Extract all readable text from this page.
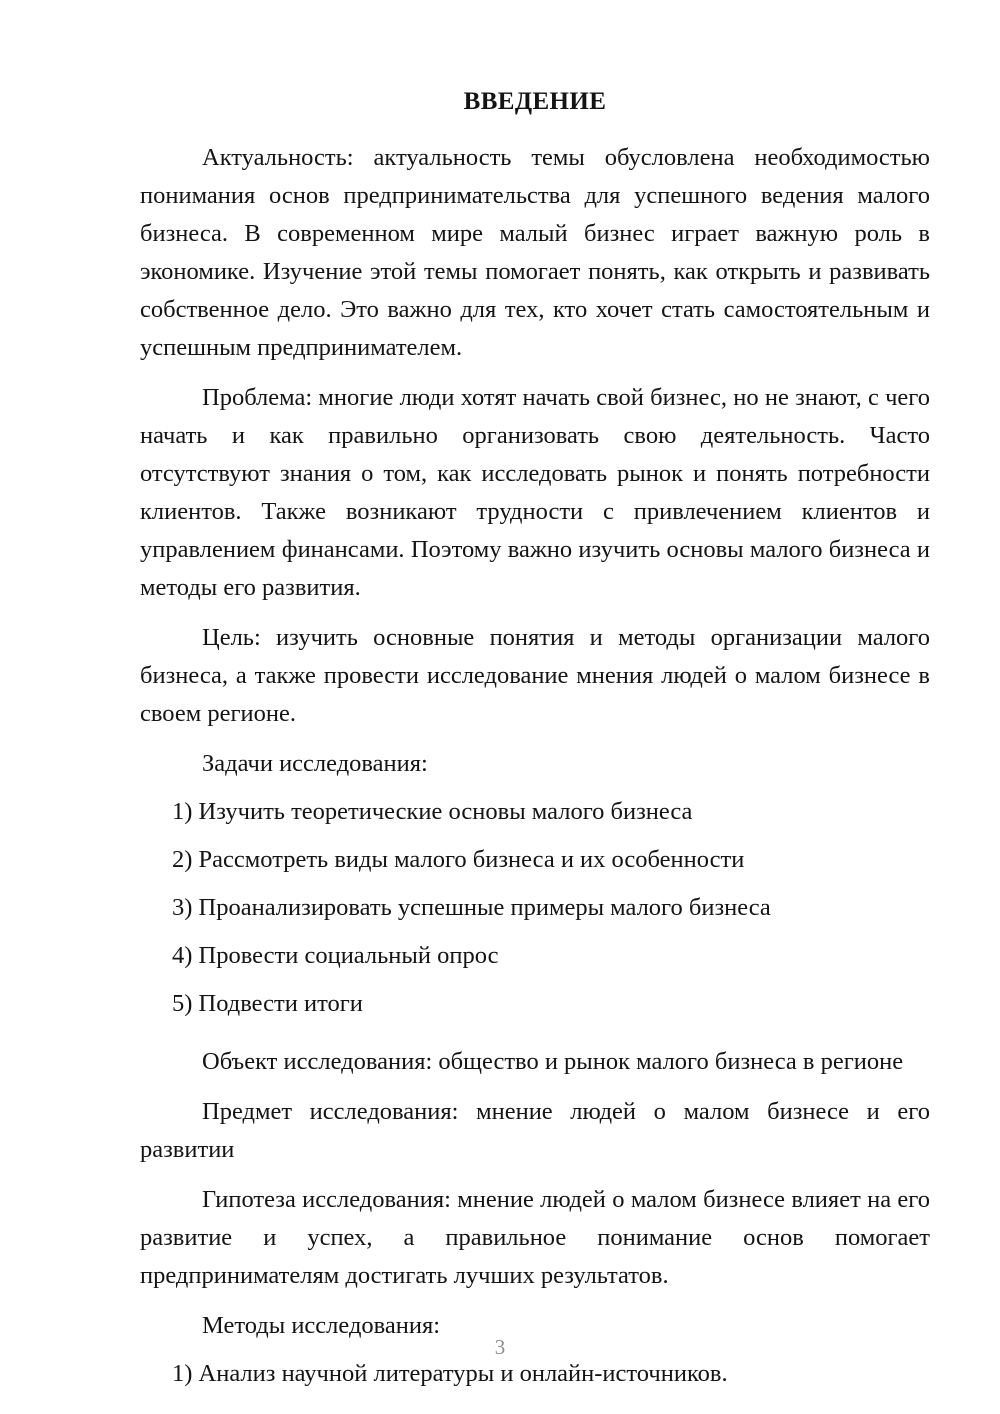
ВВЕДЕНИЕ

Актуальность: актуальность темы обусловлена необходимостью понимания основ предпринимательства для успешного ведения малого бизнеса. В современном мире малый бизнес играет важную роль в экономике. Изучение этой темы помогает понять, как открыть и развивать собственное дело. Это важно для тех, кто хочет стать самостоятельным и успешным предпринимателем.

Проблема: многие люди хотят начать свой бизнес, но не знают, с чего начать и как правильно организовать свою деятельность. Часто отсутствуют знания о том, как исследовать рынок и понять потребности клиентов. Также возникают трудности с привлечением клиентов и управлением финансами. Поэтому важно изучить основы малого бизнеса и методы его развития.

Цель: изучить основные понятия и методы организации малого бизнеса, а также провести исследование мнения людей о малом бизнесе в своем регионе.

Задачи исследования:

1) Изучить теоретические основы малого бизнеса
2) Рассмотреть виды малого бизнеса и их особенности
3) Проанализировать успешные примеры малого бизнеса
4) Провести социальный опрос
5) Подвести итоги

Объект исследования: общество и рынок малого бизнеса в регионе

Предмет исследования: мнение людей о малом бизнесе и его развитии

Гипотеза исследования: мнение людей о малом бизнесе влияет на его развитие и успех, а правильное понимание основ помогает предпринимателям достигать лучших результатов.

Методы исследования:

1) Анализ научной литературы и онлайн-источников.
3
